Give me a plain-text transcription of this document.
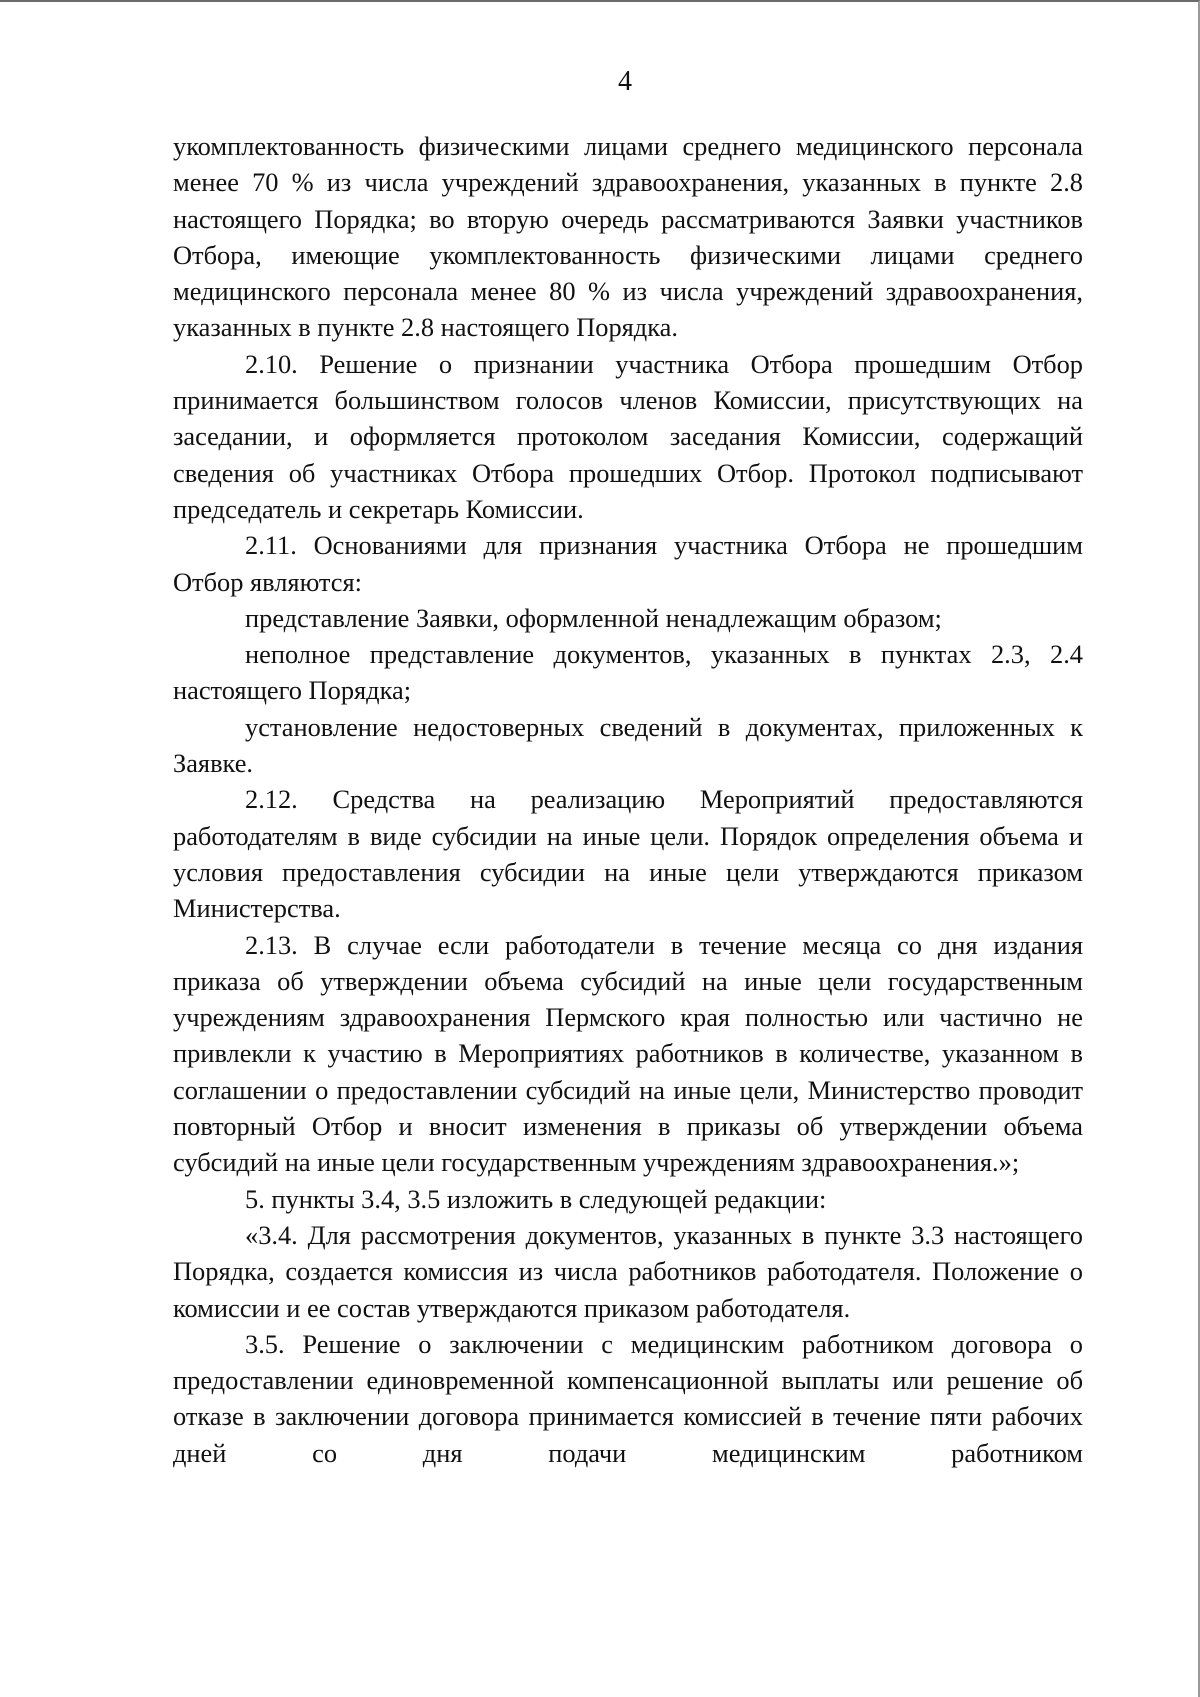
4

укомплектованность физическими лицами среднего медицинского персонала менее 70 % из числа учреждений здравоохранения, указанных в пункте 2.8 настоящего Порядка; во вторую очередь рассматриваются Заявки участников Отбора, имеющие укомплектованность физическими лицами среднего медицинского персонала менее 80 % из числа учреждений здравоохранения, указанных в пункте 2.8 настоящего Порядка.

2.10. Решение о признании участника Отбора прошедшим Отбор принимается большинством голосов членов Комиссии, присутствующих на заседании, и оформляется протоколом заседания Комиссии, содержащий сведения об участниках Отбора прошедших Отбор. Протокол подписывают председатель и секретарь Комиссии.

2.11. Основаниями для признания участника Отбора не прошедшим Отбор являются:

представление Заявки, оформленной ненадлежащим образом;

неполное представление документов, указанных в пунктах 2.3, 2.4 настоящего Порядка;

установление недостоверных сведений в документах, приложенных к Заявке.

2.12. Средства на реализацию Мероприятий предоставляются работодателям в виде субсидии на иные цели. Порядок определения объема и условия предоставления субсидии на иные цели утверждаются приказом Министерства.

2.13. В случае если работодатели в течение месяца со дня издания приказа об утверждении объема субсидий на иные цели государственным учреждениям здравоохранения Пермского края полностью или частично не привлекли к участию в Мероприятиях работников в количестве, указанном в соглашении о предоставлении субсидий на иные цели, Министерство проводит повторный Отбор и вносит изменения в приказы об утверждении объема субсидий на иные цели государственным учреждениям здравоохранения.»;

5. пункты 3.4, 3.5 изложить в следующей редакции:

«3.4. Для рассмотрения документов, указанных в пункте 3.3 настоящего Порядка, создается комиссия из числа работников работодателя. Положение о комиссии и ее состав утверждаются приказом работодателя.

3.5. Решение о заключении с медицинским работником договора о предоставлении единовременной компенсационной выплаты или решение об отказе в заключении договора принимается комиссией в течение пяти рабочих дней со дня подачи медицинским работником
